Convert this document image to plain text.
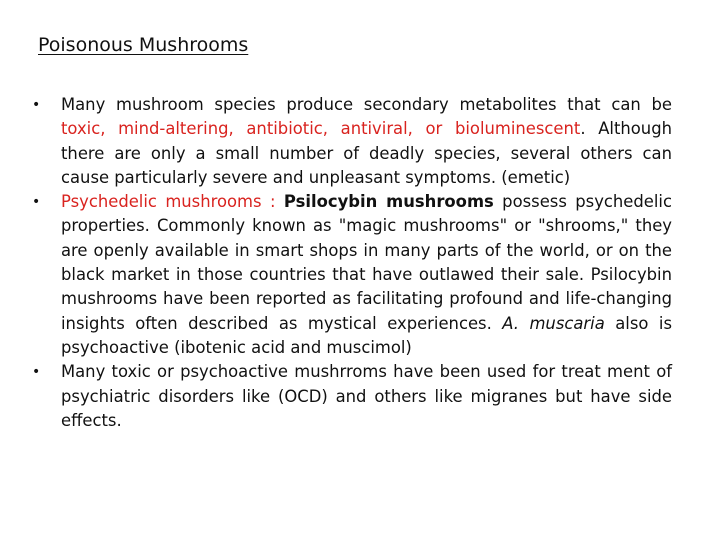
Poisonous Mushrooms
• Many mushroom species produce secondary metabolites that can be toxic, mind-altering, antibiotic, antiviral, or bioluminescent. Although there are only a small number of deadly species, several others can cause particularly severe and unpleasant symptoms. (emetic)
• Psychedelic mushrooms : Psilocybin mushrooms possess psychedelic properties. Commonly known as "magic mushrooms" or "shrooms," they are openly available in smart shops in many parts of the world, or on the black market in those countries that have outlawed their sale. Psilocybin mushrooms have been reported as facilitating profound and life-changing insights often described as mystical experiences. A. muscaria also is psychoactive (ibotenic acid and muscimol)
• Many toxic or psychoactive mushrroms have been used for treat ment of psychiatric disorders like (OCD) and others like migranes but have side effects.
